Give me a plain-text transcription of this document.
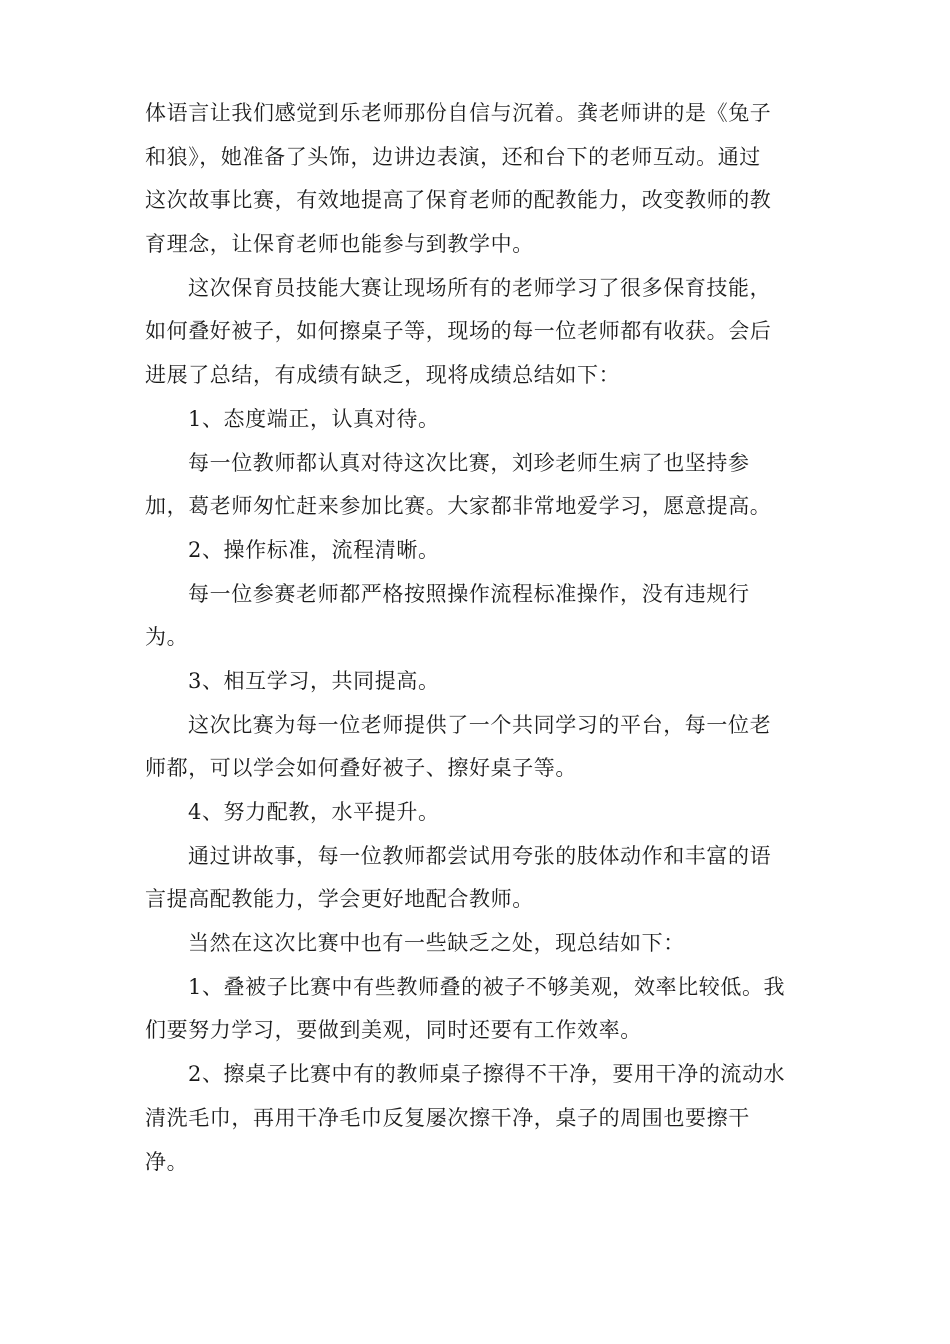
体语言让我们感觉到乐老师那份自信与沉着。龚老师讲的是《兔子
和狼》，她准备了头饰，边讲边表演，还和台下的老师互动。通过
这次故事比赛，有效地提高了保育老师的配教能力，改变教师的教
育理念，让保育老师也能参与到教学中。
这次保育员技能大赛让现场所有的老师学习了很多保育技能，
如何叠好被子，如何擦桌子等，现场的每一位老师都有收获。会后
进展了总结，有成绩有缺乏，现将成绩总结如下：
1、态度端正，认真对待。
每一位教师都认真对待这次比赛，刘珍老师生病了也坚持参
加，葛老师匆忙赶来参加比赛。大家都非常地爱学习，愿意提高。
2、操作标准，流程清晰。
每一位参赛老师都严格按照操作流程标准操作，没有违规行
为。
3、相互学习，共同提高。
这次比赛为每一位老师提供了一个共同学习的平台，每一位老
师都，可以学会如何叠好被子、擦好桌子等。
4、努力配教，水平提升。
通过讲故事，每一位教师都尝试用夸张的肢体动作和丰富的语
言提高配教能力，学会更好地配合教师。
当然在这次比赛中也有一些缺乏之处，现总结如下：
1、叠被子比赛中有些教师叠的被子不够美观，效率比较低。我
们要努力学习，要做到美观，同时还要有工作效率。
2、擦桌子比赛中有的教师桌子擦得不干净，要用干净的流动水
清洗毛巾，再用干净毛巾反复屡次擦干净，桌子的周围也要擦干
净。
